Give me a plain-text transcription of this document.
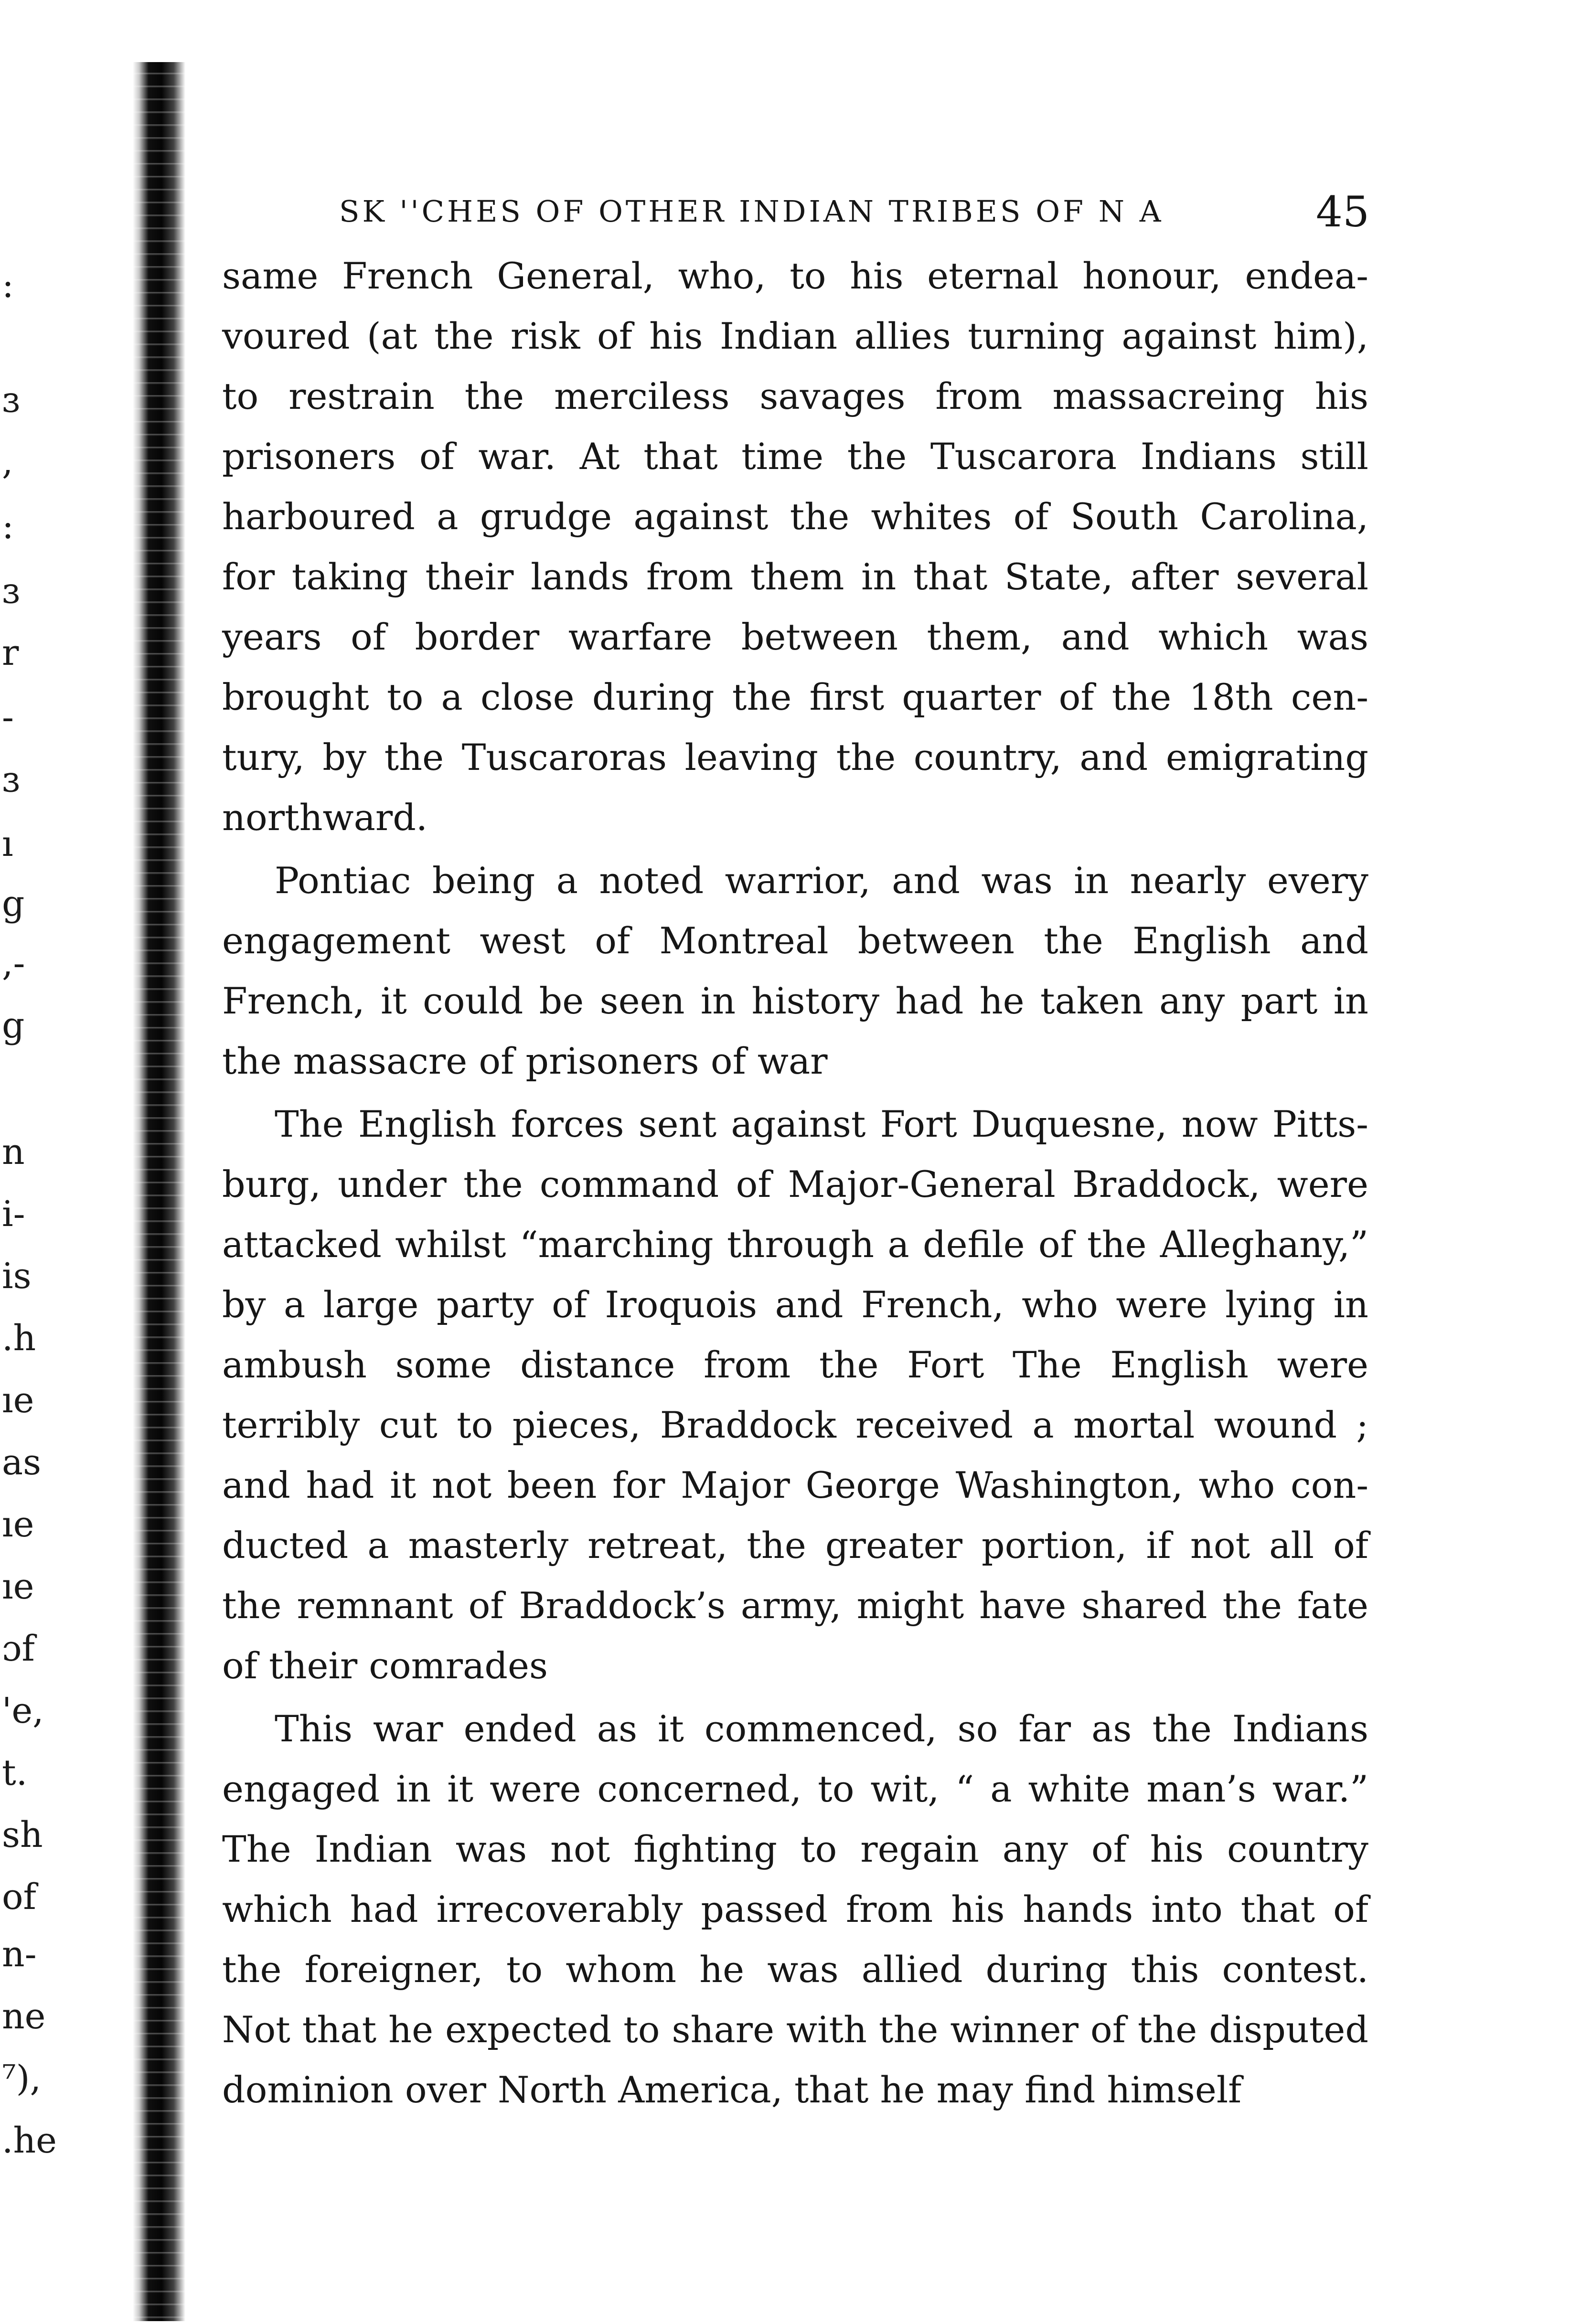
:
ɜ
,
:
ɜ
r
-
ɜ
ı
g
,-
g
n
i-
is
.h
ıe
as
ıe
ıe
ɔf
'e,
t.
sh
of
n-
ne
⁷),
.he
SK ''CHES OF OTHER INDIAN TRIBES OF N A	45
same French General, who, to his eternal honour, endea-
voured (at the risk of his Indian allies turning against him),
to restrain the merciless savages from massacreing his
prisoners of war. At that time the Tuscarora Indians still
harboured a grudge against the whites of South Carolina,
for taking their lands from them in that State, after several
years of border warfare between them, and which was
brought to a close during the first quarter of the 18th cen-
tury, by the Tuscaroras leaving the country, and emigrating
northward.
Pontiac being a noted warrior, and was in nearly every
engagement west of Montreal between the English and
French, it could be seen in history had he taken any part in
the massacre of prisoners of war
The English forces sent against Fort Duquesne, now Pitts-
burg, under the command of Major-General Braddock, were
attacked whilst “marching through a defile of the Alleghany,”
by a large party of Iroquois and French, who were lying in
ambush some distance from the Fort The English were
terribly cut to pieces, Braddock received a mortal wound ;
and had it not been for Major George Washington, who con-
ducted a masterly retreat, the greater portion, if not all of
the remnant of Braddock’s army, might have shared the fate
of their comrades
This war ended as it commenced, so far as the Indians
engaged in it were concerned, to wit, “ a white man’s war.”
The Indian was not fighting to regain any of his country
which had irrecoverably passed from his hands into that of
the foreigner, to whom he was allied during this contest.
Not that he expected to share with the winner of the disputed
dominion over North America, that he may find himself
